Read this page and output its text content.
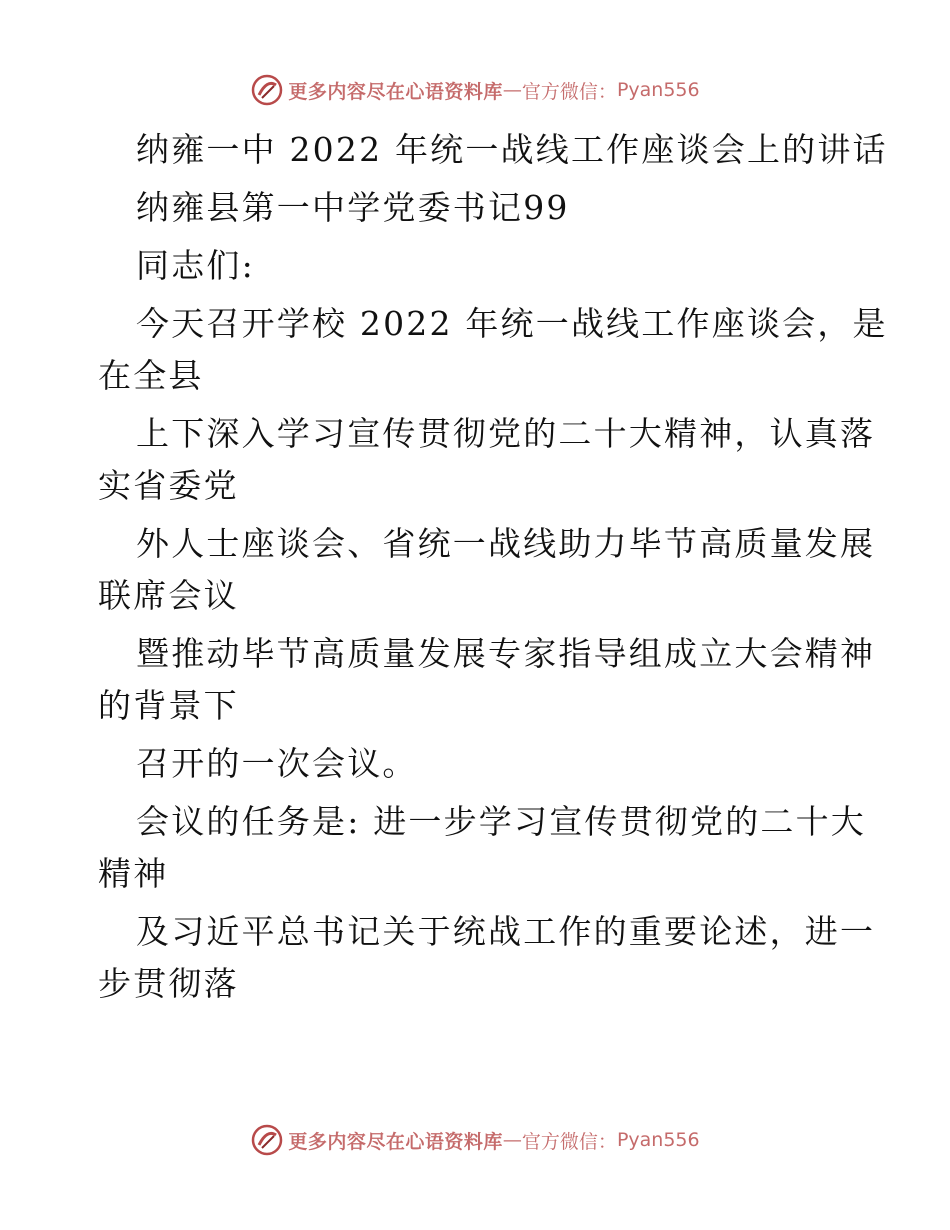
更多内容尽在心语资料库 — 官方微信： Pyan556
纳雍一中 2022 年统一战线工作座谈会上的讲话
纳雍县第一中学党委书记99
同志们:
今天召开学校 2022 年统一战线工作座谈会，是
在全县
上下深入学习宣传贯彻党的二十大精神，认真落
实省委党
外人士座谈会、省统一战线助力毕节高质量发展
联席会议
暨推动毕节高质量发展专家指导组成立大会精神
的背景下
召开的一次会议。
会议的任务是: 进一步学习宣传贯彻党的二十大
精神
及习近平总书记关于统战工作的重要论述，进一
步贯彻落
更多内容尽在心语资料库 — 官方微信： Pyan556
